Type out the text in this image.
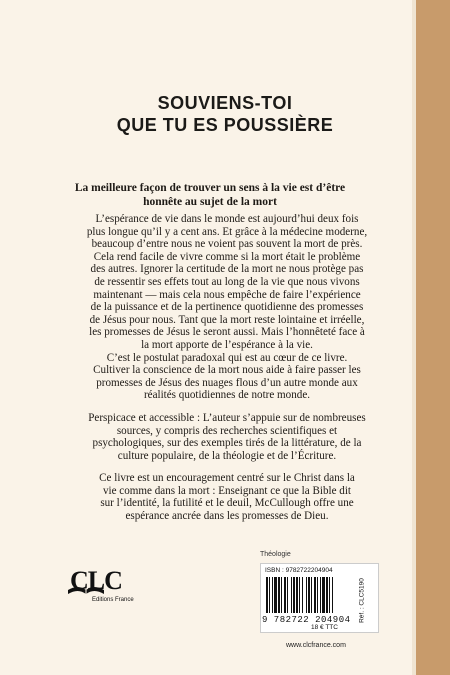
SOUVIENS-TOI
QUE TU ES POUSSIÈRE
La meilleure façon de trouver un sens à la vie est d’être
honnête au sujet de la mort

L’espérance de vie dans le monde est aujourd’hui deux fois

plus longue qu’il y a cent ans. Et grâce à la médecine moderne,

beaucoup d’entre nous ne voient pas souvent la mort de près.

Cela rend facile de vivre comme si la mort était le problème

des autres. Ignorer la certitude de la mort ne nous protège pas

de ressentir ses effets tout au long de la vie que nous vivons

maintenant — mais cela nous empêche de faire l’expérience

de la puissance et de la pertinence quotidienne des promesses

de Jésus pour nous. Tant que la mort reste lointaine et irréelle,

les promesses de Jésus le seront aussi. Mais l’honnêteté face à

la mort apporte de l’espérance à la vie.

C’est le postulat paradoxal qui est au cœur de ce livre.

Cultiver la conscience de la mort nous aide à faire passer les

promesses de Jésus des nuages flous d’un autre monde aux

réalités quotidiennes de notre monde.

Perspicace et accessible : L’auteur s’appuie sur de nombreuses

sources, y compris des recherches scientifiques et

psychologiques, sur des exemples tirés de la littérature, de la

culture populaire, de la théologie et de l’Écriture.

Ce livre est un encouragement centré sur le Christ dans la

vie comme dans la mort : Enseignant ce que la Bible dit

sur l’identité, la futilité et le deuil, McCullough offre une

espérance ancrée dans les promesses de Dieu.

CLC
Editions France
Théologie
ISBN : 9782722204904
9 782722 204904
18 € TTC
Réf. : CLC5190
www.clcfrance.com
